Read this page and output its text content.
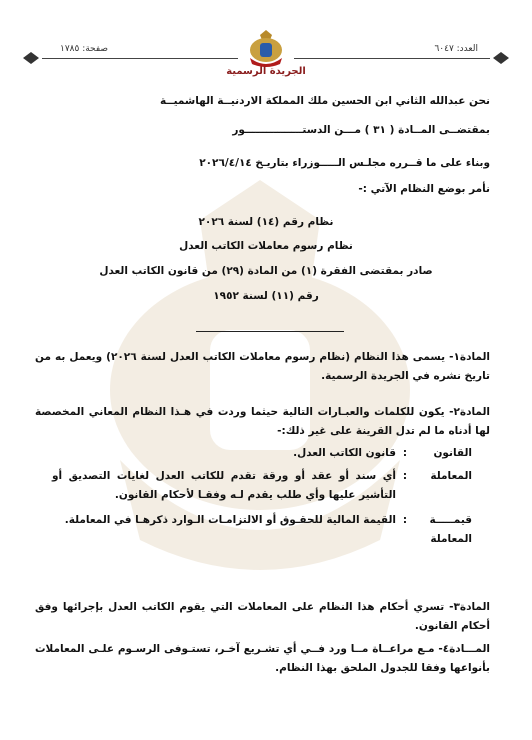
صفحة: ١٧٨٥
الجريدة الرسمية
العدد: ٦٠٤٧
نحن عبدالله الثاني ابن الحسين ملك المملكة الاردنيــة الهاشميــة
بمقتضــى المــادة ( ٣١ ) مـــن الدستــــــــــــــــور
وبناء على ما قــرره مجلـس الـــــوزراء بتاريـخ ٢٠٢٦/٤/١٤
نأمر بوضع النظام الآتي :-
نظام رقم (١٤) لسنة ٢٠٢٦
نظام رسوم معاملات الكاتب العدل
صادر بمقتضى الفقرة (١) من المادة (٢٩) من قانون الكاتب العدل
رقم (١١) لسنة ١٩٥٢
المادة١- يسمى هذا النظام (نظام رسوم معاملات الكاتب العدل لسنة ٢٠٢٦) ويعمل به من تاريخ نشره في الجريدة الرسمية.
المادة٢- يكون للكلمات والعبـارات التالية حيثما وردت في هـذا النظام المعاني المخصصة لها أدناه ما لم تدل القرينة على غير ذلك:-
القانون
:
قانون الكاتب العدل.
المعاملة
:
أي سند أو عقد أو ورقة تقدم للكاتب العدل لغايات التصديق أو التأشير عليها وأي طلب يقدم لـه وفقـا لأحكام القانون.
قيمـــــة المعاملة
:
القيمة المالية للحقـوق أو الالتزامـات الـوارد ذكرهـا في المعاملة.
المادة٣- تسري أحكام هذا النظام على المعاملات التي يقوم الكاتب العدل بإجرائها وفق أحكام القانون.
المـــادة٤- مـع مراعــاة مــا ورد فــي أي تشـريع آخـر، تستـوفى الرسـوم علـى المعاملات بأنواعها وفقا للجدول الملحق بهذا النظام.
